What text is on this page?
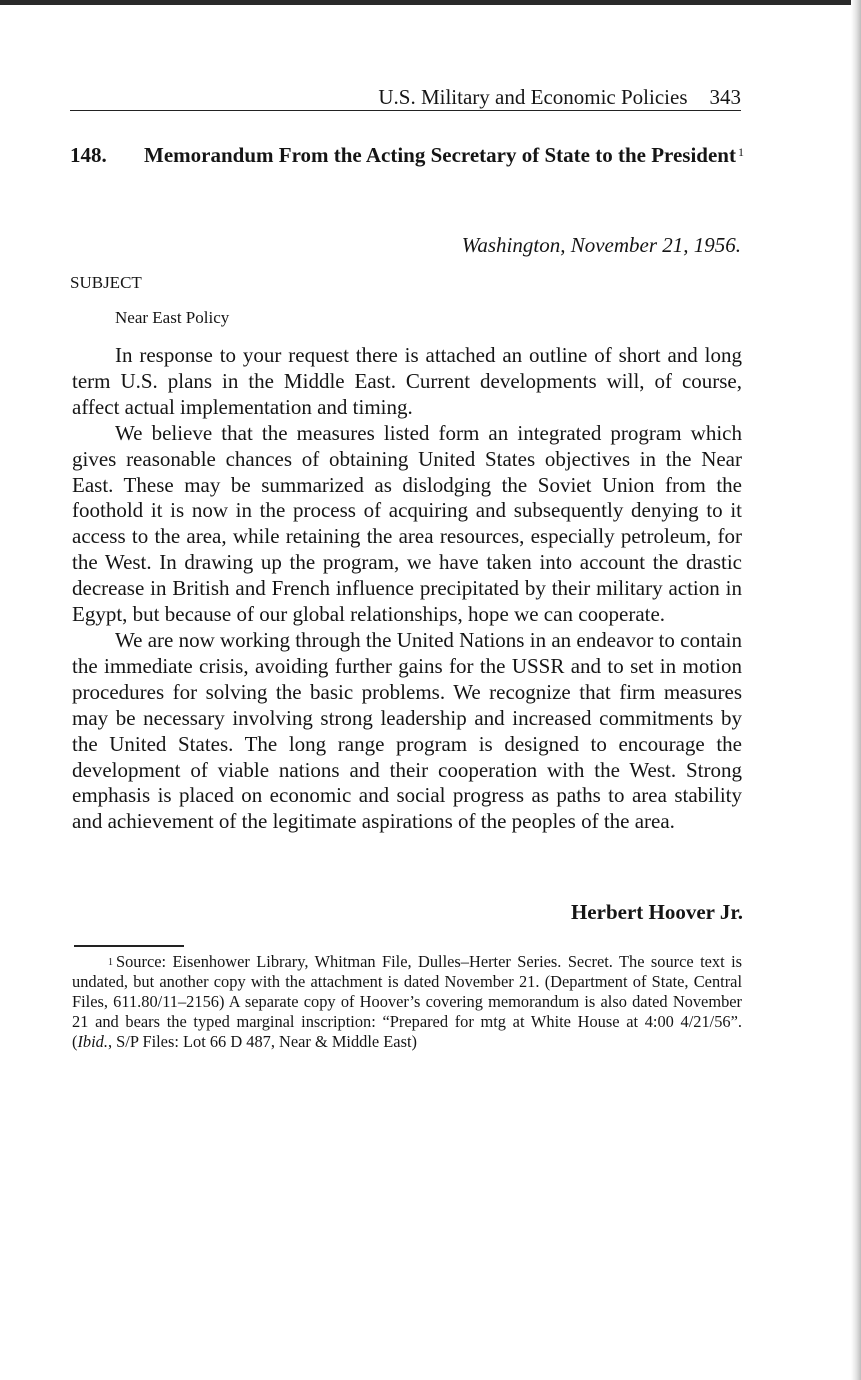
U.S. Military and Economic Policies 343
148. Memorandum From the Acting Secretary of State to the President $^1$
Washington, November 21, 1956.
SUBJECT
Near East Policy

In response to your request there is attached an outline of short and long term U.S. plans in the Middle East. Current developments will, of course, affect actual implementation and timing.

We believe that the measures listed form an integrated program which gives reasonable chances of obtaining United States objectives in the Near East. These may be summarized as dislodging the Soviet Union from the foothold it is now in the process of acquiring and subsequently denying to it access to the area, while retaining the area resources, especially petroleum, for the West. In drawing up the program, we have taken into account the drastic decrease in British and French influence precipitated by their military action in Egypt, but because of our global relationships, hope we can cooperate.

We are now working through the United Nations in an endeavor to contain the immediate crisis, avoiding further gains for the USSR and to set in motion procedures for solving the basic problems. We recognize that firm measures may be necessary involving strong leadership and increased commitments by the United States. The long range program is designed to encourage the development of viable nations and their cooperation with the West. Strong emphasis is placed on economic and social progress as paths to area stability and achievement of the legitimate aspirations of the peoples of the area.

Herbert Hoover Jr.

$^1$ Source: Eisenhower Library, Whitman File, Dulles–Herter Series. Secret. The source text is undated, but another copy with the attachment is dated November 21. (Department of State, Central Files, 611.80/11–2156) A separate copy of Hoover’s covering memorandum is also dated November 21 and bears the typed marginal inscription: “Prepared for mtg at White House at 4:00 4/21/56”. (Ibid., S/P Files: Lot 66 D 487, Near & Middle East)
